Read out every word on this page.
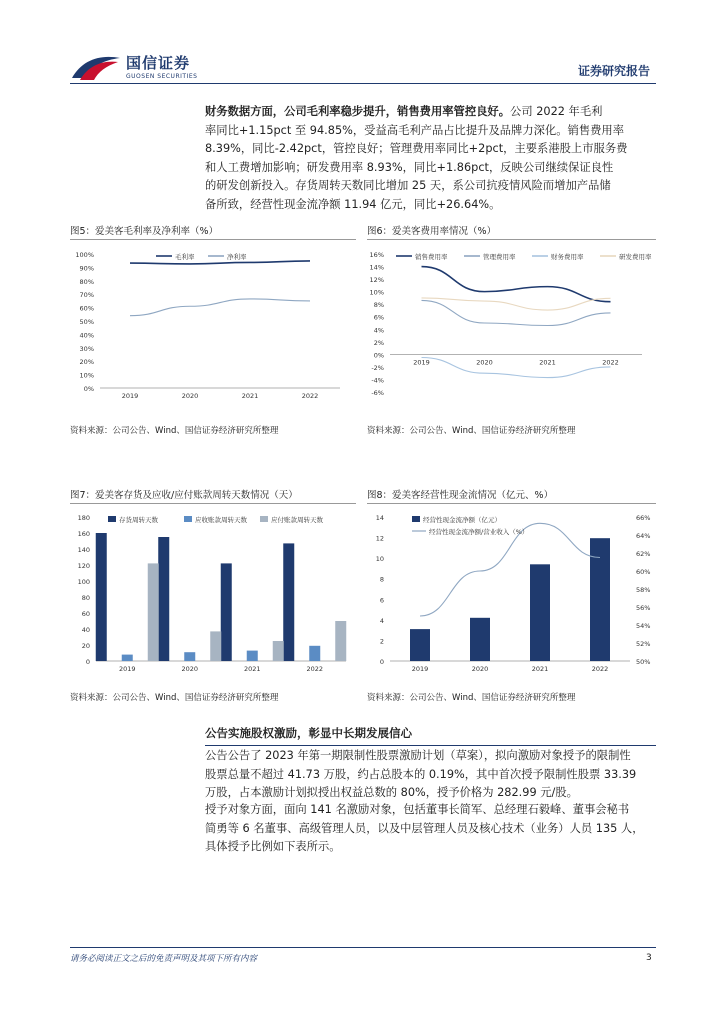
国信证券
GUOSEN SECURITIES	证券研究报告
财务数据方面，公司毛利率稳步提升，销售费用率管控良好。公司 2022 年毛利
率同比+1.15pct 至 94.85%，受益高毛利产品占比提升及品牌力深化。销售费用率
8.39%，同比-2.42pct，管控良好；管理费用率同比+2pct，主要系港股上市服务费
和人工费增加影响；研发费用率 8.93%，同比+1.86pct，反映公司继续保证良性
的研发创新投入。存货周转天数同比增加 25 天，系公司抗疫情风险而增加产品储
备所致，经营性现金流净额 11.94 亿元，同比+26.64%。
图5：爱美客毛利率及净利率（%）
0%
10%
20%
30%
40%
50%
60%
70%
80%
90%
100%
2019	2020	2021	2022
毛利率	净利率
资料来源：公司公告、Wind、国信证券经济研究所整理
图6：爱美客费用率情况（%）
-6%
-4%
-2%
0%
2%
4%
6%
8%
10%
12%
14%
16%
2019	2020	2021	2022
销售费用率	管理费用率	财务费用率	研发费用率
资料来源：公司公告、Wind、国信证券经济研究所整理
图7：爱美客存货及应收/应付账款周转天数情况（天）
0
20
40
60
80
100
120
140
160
180
2019	2020	2021	2022
存货周转天数	应收账款周转天数	应付账款周转天数
资料来源：公司公告、Wind、国信证券经济研究所整理
图8：爱美客经营性现金流情况（亿元、%）
0
2
4
6
8
10
12
14
2019	2020	2021	2022
经营性现金流净额（亿元）
50%
52%
54%
56%
58%
60%
62%
64%
66%
经营性现金流净额/营业收入（%）
资料来源：公司公告、Wind、国信证券经济研究所整理
公告实施股权激励，彰显中长期发展信心
公告公告了 2023 年第一期限制性股票激励计划（草案），拟向激励对象授予的限制性
股票总量不超过 41.73 万股，约占总股本的 0.19%，其中首次授予限制性股票 33.39
万股，占本激励计划拟授出权益总数的 80%，授予价格为 282.99 元/股。
授予对象方面，面向 141 名激励对象，包括董事长简军、总经理石毅峰、董事会秘书
简勇等 6 名董事、高级管理人员，以及中层管理人员及核心技术（业务）人员 135 人，
具体授予比例如下表所示。
请务必阅读正文之后的免责声明及其项下所有内容	3
